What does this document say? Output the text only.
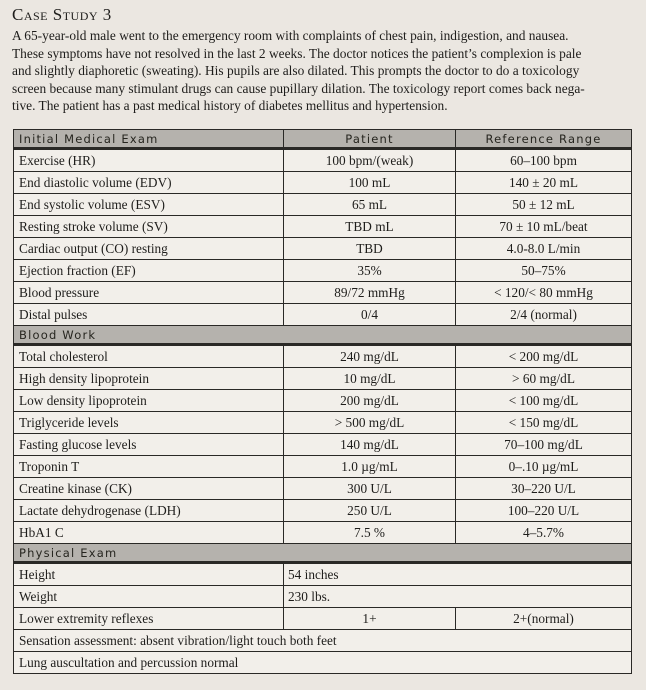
Case Study 3

A 65-year-old male went to the emergency room with complaints of chest pain, indigestion, and nausea.

These symptoms have not resolved in the last 2 weeks. The doctor notices the patient’s complexion is pale

and slightly diaphoretic (sweating). His pupils are also dilated. This prompts the doctor to do a toxicology

screen because many stimulant drugs can cause pupillary dilation. The toxicology report comes back nega-

tive. The patient has a past medical history of diabetes mellitus and hypertension.

Initial Medical Exam	Patient	Reference Range
Exercise (HR)	100 bpm/(weak)	60–100 bpm
End diastolic volume (EDV)	100 mL	140 ± 20 mL
End systolic volume (ESV)	65 mL	50 ± 12 mL
Resting stroke volume (SV)	TBD mL	70 ± 10 mL/beat
Cardiac output (CO) resting	TBD	4.0-8.0 L/min
Ejection fraction (EF)	35%	50–75%
Blood pressure	89/72 mmHg	< 120/< 80 mmHg
Distal pulses	0/4	2/4 (normal)
Blood Work		
Total cholesterol	240 mg/dL	< 200 mg/dL
High density lipoprotein	10 mg/dL	> 60 mg/dL
Low density lipoprotein	200 mg/dL	< 100 mg/dL
Triglyceride levels	> 500 mg/dL	< 150 mg/dL
Fasting glucose levels	140 mg/dL	70–100 mg/dL
Troponin T	1.0 µg/mL	0–.10 µg/mL
Creatine kinase (CK)	300 U/L	30–220 U/L
Lactate dehydrogenase (LDH)	250 U/L	100–220 U/L
HbA1 C	7.5 %	4–5.7%
Physical Exam		
Height	54 inches	
Weight	230 lbs.	
Lower extremity reflexes	1+	2+(normal)
Sensation assessment: absent vibration/light touch both feet		
Lung auscultation and percussion normal		
